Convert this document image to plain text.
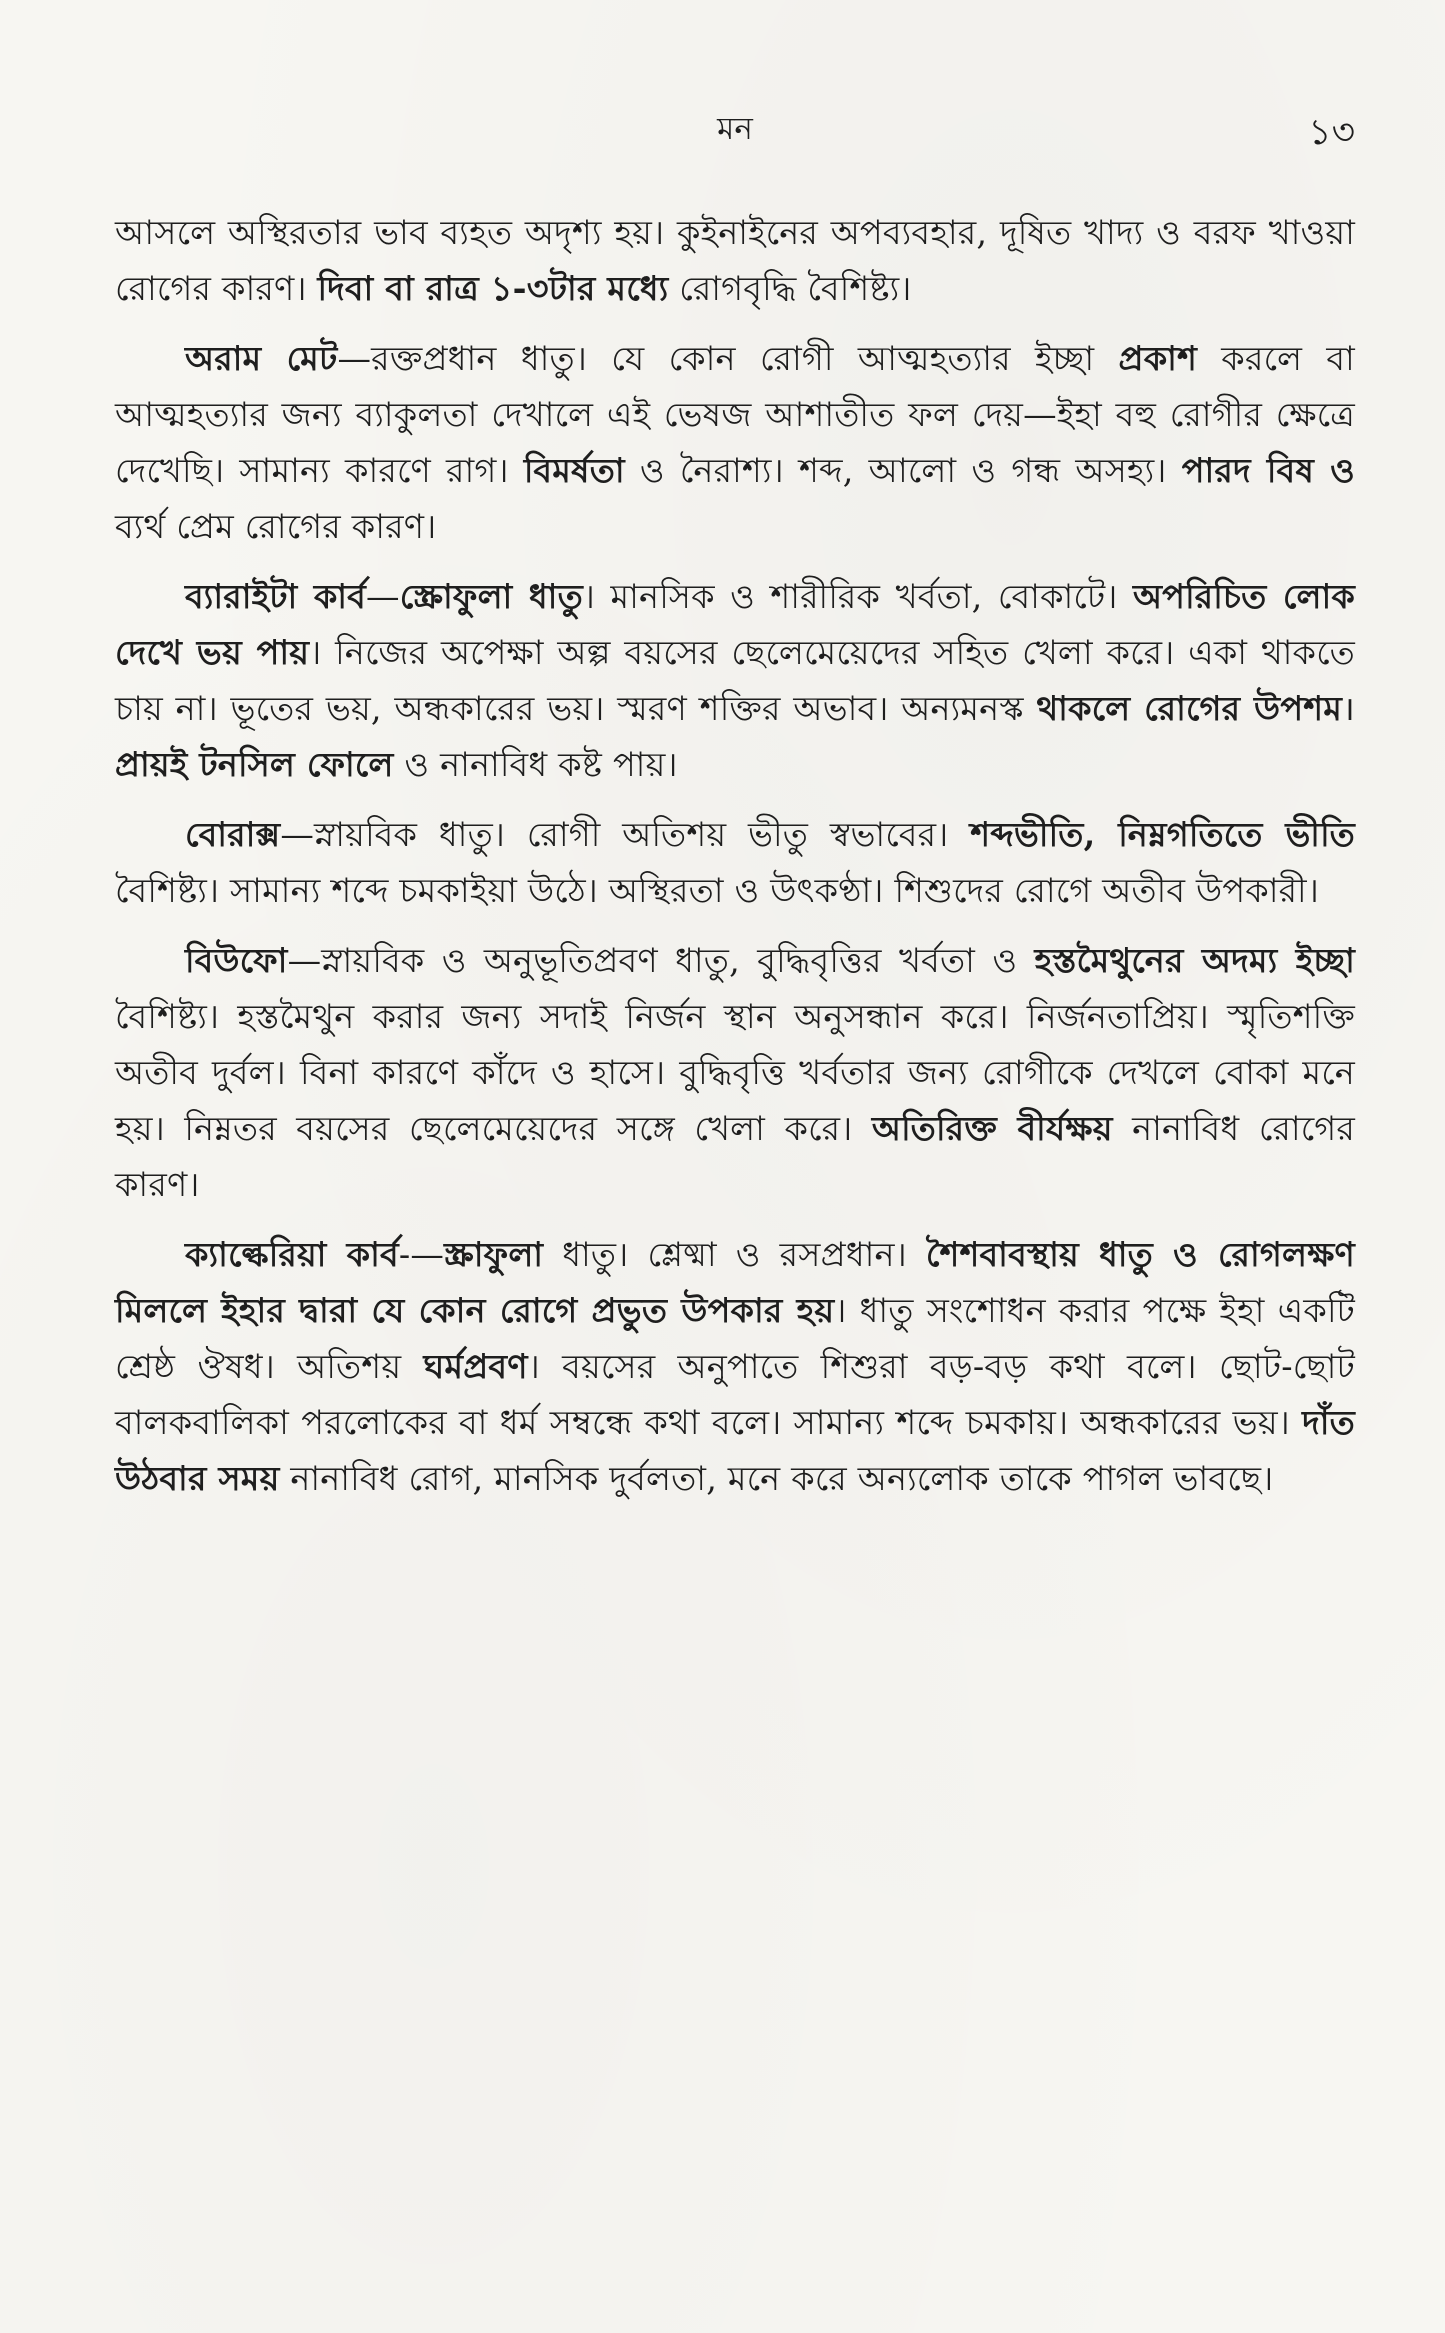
মন	১৩

আসলে অস্থিরতার ভাব ব্যহত অদৃশ্য হয়। কুইনাইনের অপব্যবহার, দূষিত খাদ্য ও বরফ খাওয়া রোগের কারণ। দিবা বা রাত্র ১-৩টার মধ্যে রোগবৃদ্ধি বৈশিষ্ট্য।

অরাম মেট—রক্তপ্রধান ধাতু। যে কোন রোগী আত্মহত্যার ইচ্ছা প্রকাশ করলে বা আত্মহত্যার জন্য ব্যাকুলতা দেখালে এই ভেষজ আশাতীত ফল দেয়—ইহা বহু রোগীর ক্ষেত্রে দেখেছি। সামান্য কারণে রাগ। বিমর্ষতা ও নৈরাশ্য। শব্দ, আলো ও গন্ধ অসহ্য। পারদ বিষ ও ব্যর্থ প্রেম রোগের কারণ।

ব্যারাইটা কার্ব—স্ক্রোফুলা ধাতু। মানসিক ও শারীরিক খর্বতা, বোকাটে। অপরিচিত লোক দেখে ভয় পায়। নিজের অপেক্ষা অল্প বয়সের ছেলেমেয়েদের সহিত খেলা করে। একা থাকতে চায় না। ভূতের ভয়, অন্ধকারের ভয়। স্মরণ শক্তির অভাব। অন্যমনস্ক থাকলে রোগের উপশম। প্রায়ই টনসিল ফোলে ও নানাবিধ কষ্ট পায়।

বোরাক্স—স্নায়বিক ধাতু। রোগী অতিশয় ভীতু স্বভাবের। শব্দভীতি, নিম্নগতিতে ভীতি বৈশিষ্ট্য। সামান্য শব্দে চমকাইয়া উঠে। অস্থিরতা ও উৎকণ্ঠা। শিশুদের রোগে অতীব উপকারী।

বিউফো—স্নায়বিক ও অনুভূতিপ্রবণ ধাতু, বুদ্ধিবৃত্তির খর্বতা ও হস্তমৈথুনের অদম্য ইচ্ছা বৈশিষ্ট্য। হস্তমৈথুন করার জন্য সদাই নির্জন স্থান অনুসন্ধান করে। নির্জনতাপ্রিয়। স্মৃতিশক্তি অতীব দুর্বল। বিনা কারণে কাঁদে ও হাসে। বুদ্ধিবৃত্তি খর্বতার জন্য রোগীকে দেখলে বোকা মনে হয়। নিম্নতর বয়সের ছেলেমেয়েদের সঙ্গে খেলা করে। অতিরিক্ত বীর্যক্ষয় নানাবিধ রোগের কারণ।

ক্যাল্কেরিয়া কার্ব-—স্ক্রাফুলা ধাতু। শ্লেষ্মা ও রসপ্রধান। শৈশবাবস্থায় ধাতু ও রোগলক্ষণ মিললে ইহার দ্বারা যে কোন রোগে প্রভুত উপকার হয়। ধাতু সংশোধন করার পক্ষে ইহা একটি শ্রেষ্ঠ ঔষধ। অতিশয় ঘর্মপ্রবণ। বয়সের অনুপাতে শিশুরা বড়-বড় কথা বলে। ছোট-ছোট বালকবালিকা পরলোকের বা ধর্ম সম্বন্ধে কথা বলে। সামান্য শব্দে চমকায়। অন্ধকারের ভয়। দাঁত উঠবার সময় নানাবিধ রোগ, মানসিক দুর্বলতা, মনে করে অন্যলোক তাকে পাগল ভাবছে।
